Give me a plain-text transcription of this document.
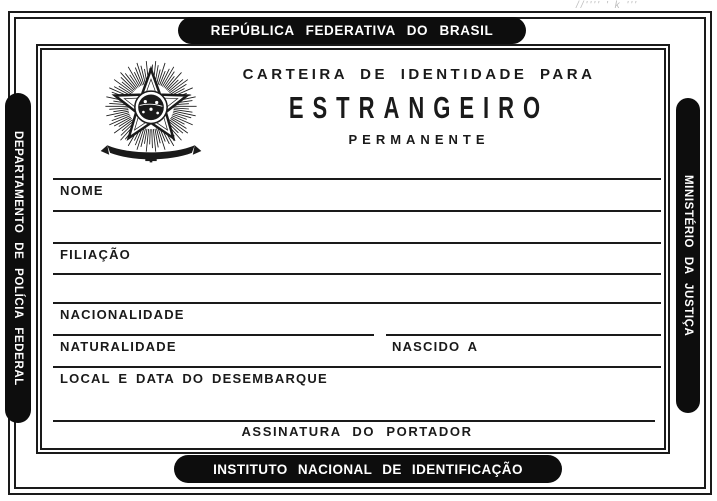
//'''' ' k '''
REPÚBLICA FEDERATIVA DO BRASIL
INSTITUTO NACIONAL DE IDENTIFICAÇÃO
DEPARTAMENTO DE POLÍCIA FEDERAL	MINISTÉRIO DA JUSTIÇA
CARTEIRA DE IDENTIDADE PARA
ESTRANGEIRO
PERMANENTE
NOME
FILIAÇÃO
NACIONALIDADE
NATURALIDADE	NASCIDO A
LOCAL E DATA DO DESEMBARQUE
ASSINATURA DO PORTADOR
